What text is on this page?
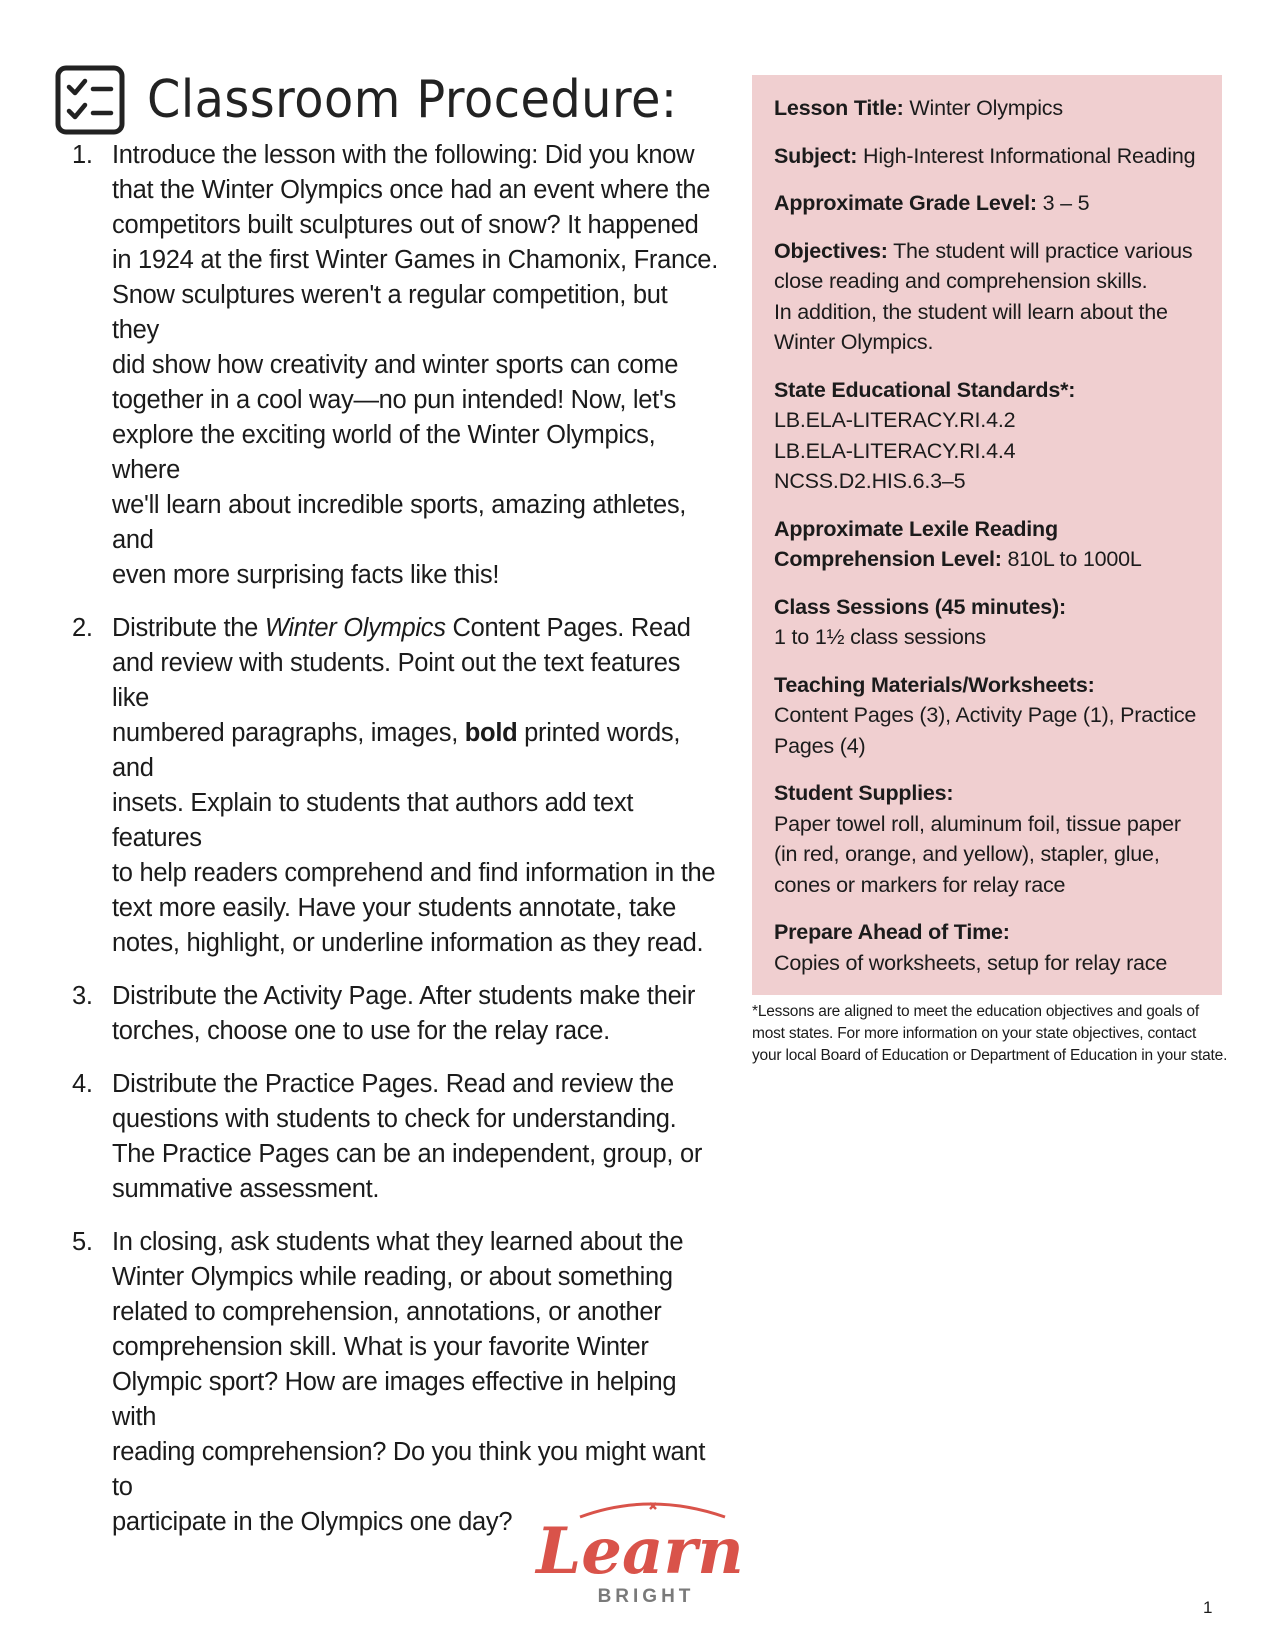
Classroom Procedure:
1. Introduce the lesson with the following: Did you know
that the Winter Olympics once had an event where the
competitors built sculptures out of snow? It happened
in 1924 at the first Winter Games in Chamonix, France.
Snow sculptures weren't a regular competition, but they
did show how creativity and winter sports can come
together in a cool way—no pun intended! Now, let's
explore the exciting world of the Winter Olympics, where
we'll learn about incredible sports, amazing athletes, and
even more surprising facts like this!
2. Distribute the Winter Olympics Content Pages. Read
and review with students. Point out the text features like
numbered paragraphs, images, bold printed words, and
insets. Explain to students that authors add text features
to help readers comprehend and find information in the
text more easily. Have your students annotate, take
notes, highlight, or underline information as they read.
3. Distribute the Activity Page. After students make their
torches, choose one to use for the relay race.
4. Distribute the Practice Pages. Read and review the
questions with students to check for understanding.
The Practice Pages can be an independent, group, or
summative assessment.
5. In closing, ask students what they learned about the
Winter Olympics while reading, or about something
related to comprehension, annotations, or another
comprehension skill. What is your favorite Winter
Olympic sport? How are images effective in helping with
reading comprehension? Do you think you might want to
participate in the Olympics one day?
Lesson Title: Winter Olympics
Subject: High-Interest Informational Reading
Approximate Grade Level: 3 – 5
Objectives: The student will practice various
close reading and comprehension skills.
In addition, the student will learn about the
Winter Olympics.
State Educational Standards*:
LB.ELA-LITERACY.RI.4.2
LB.ELA-LITERACY.RI.4.4
NCSS.D2.HIS.6.3–5
Approximate Lexile Reading
Comprehension Level: 810L to 1000L
Class Sessions (45 minutes):
1 to 1½ class sessions
Teaching Materials/Worksheets:
Content Pages (3), Activity Page (1), Practice
Pages (4)
Student Supplies:
Paper towel roll, aluminum foil, tissue paper
(in red, orange, and yellow), stapler, glue,
cones or markers for relay race
Prepare Ahead of Time:
Copies of worksheets, setup for relay race
*Lessons are aligned to meet the education objectives and goals of
most states. For more information on your state objectives, contact
your local Board of Education or Department of Education in your state.
Learn
BRIGHT
1
